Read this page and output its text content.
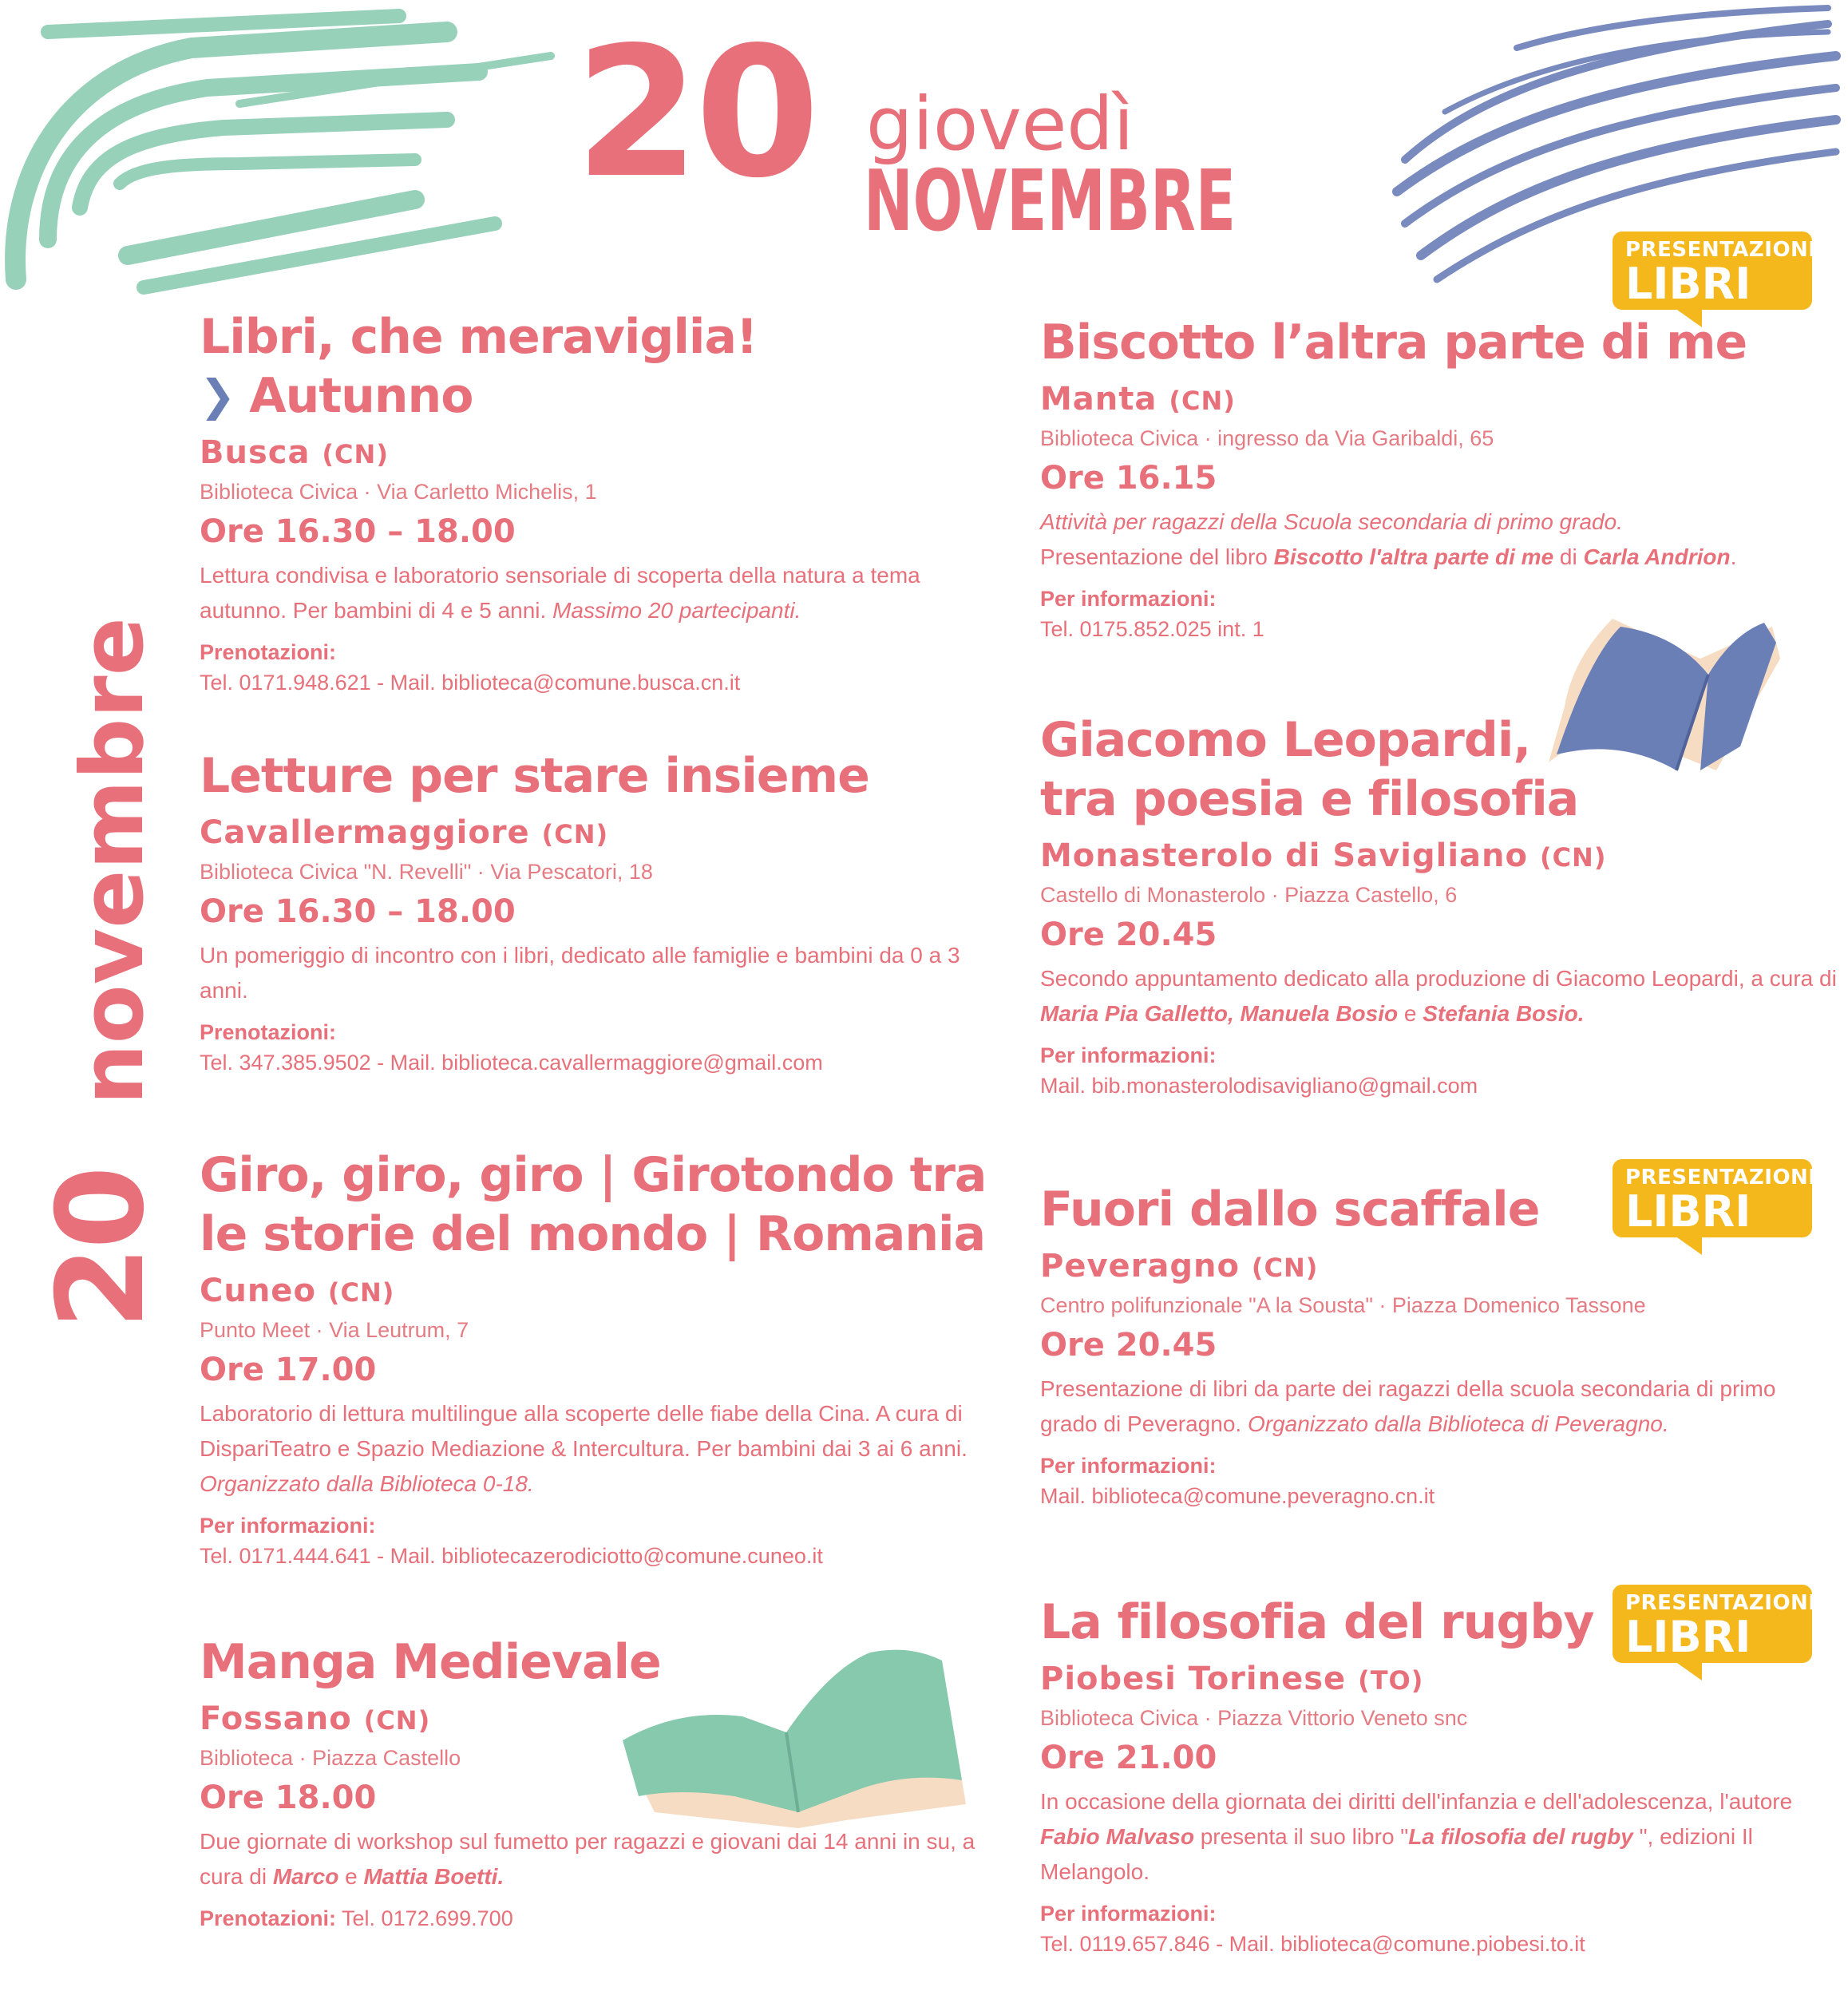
20 giovedì
NOVEMBRE
20novembre
Libri, che meraviglia!
❯ Autunno
Busca (CN)
Biblioteca Civica · Via Carletto Michelis, 1
Ore 16.30 – 18.00
Lettura condivisa e laboratorio sensoriale di scoperta della natura a tema autunno. Per bambini di 4 e 5 anni. Massimo 20 partecipanti.
Prenotazioni:
Tel. 0171.948.621 - Mail. biblioteca@comune.busca.cn.it
Letture per stare insieme
Cavallermaggiore (CN)
Biblioteca Civica "N. Revelli" · Via Pescatori, 18
Ore 16.30 – 18.00
Un pomeriggio di incontro con i libri, dedicato alle famiglie e bambini da 0 a 3 anni.
Prenotazioni:
Tel. 347.385.9502 - Mail. biblioteca.cavallermaggiore@gmail.com
Giro, giro, giro | Girotondo tra
le storie del mondo | Romania
Cuneo (CN)
Punto Meet · Via Leutrum, 7
Ore 17.00
Laboratorio di lettura multilingue alla scoperte delle fiabe della Cina. A cura di DispariTeatro e Spazio Mediazione & Intercultura. Per bambini dai 3 ai 6 anni. Organizzato dalla Biblioteca 0-18.
Per informazioni:
Tel. 0171.444.641 - Mail. bibliotecazerodiciotto@comune.cuneo.it
Manga Medievale
Fossano (CN)
Biblioteca · Piazza Castello
Ore 18.00
Due giornate di workshop sul fumetto per ragazzi e giovani dai 14 anni in su, a cura di Marco e Mattia Boetti.
Prenotazioni: Tel. 0172.699.700
PRESENTAZIONE
LIBRI
Biscotto l’altra parte di me
Manta (CN)
Biblioteca Civica · ingresso da Via Garibaldi, 65
Ore 16.15
Attività per ragazzi della Scuola secondaria di primo grado.
Presentazione del libro Biscotto l'altra parte di me di Carla Andrion.
Per informazioni:
Tel. 0175.852.025 int. 1
Giacomo Leopardi,
tra poesia e filosofia
Monasterolo di Savigliano (CN)
Castello di Monasterolo · Piazza Castello, 6
Ore 20.45
Secondo appuntamento dedicato alla produzione di Giacomo Leopardi, a cura di Maria Pia Galletto, Manuela Bosio e Stefania Bosio.
Per informazioni:
Mail. bib.monasterolodisavigliano@gmail.com
PRESENTAZIONE
LIBRI
Fuori dallo scaffale
Peveragno (CN)
Centro polifunzionale "A la Sousta" · Piazza Domenico Tassone
Ore 20.45
Presentazione di libri da parte dei ragazzi della scuola secondaria di primo grado di Peveragno. Organizzato dalla Biblioteca di Peveragno.
Per informazioni:
Mail. biblioteca@comune.peveragno.cn.it
PRESENTAZIONE
LIBRI
La filosofia del rugby
Piobesi Torinese (TO)
Biblioteca Civica · Piazza Vittorio Veneto snc
Ore 21.00
In occasione della giornata dei diritti dell'infanzia e dell'adolescenza, l'autore Fabio Malvaso presenta il suo libro "La filosofia del rugby ", edizioni Il Melangolo.
Per informazioni:
Tel. 0119.657.846 - Mail. biblioteca@comune.piobesi.to.it
